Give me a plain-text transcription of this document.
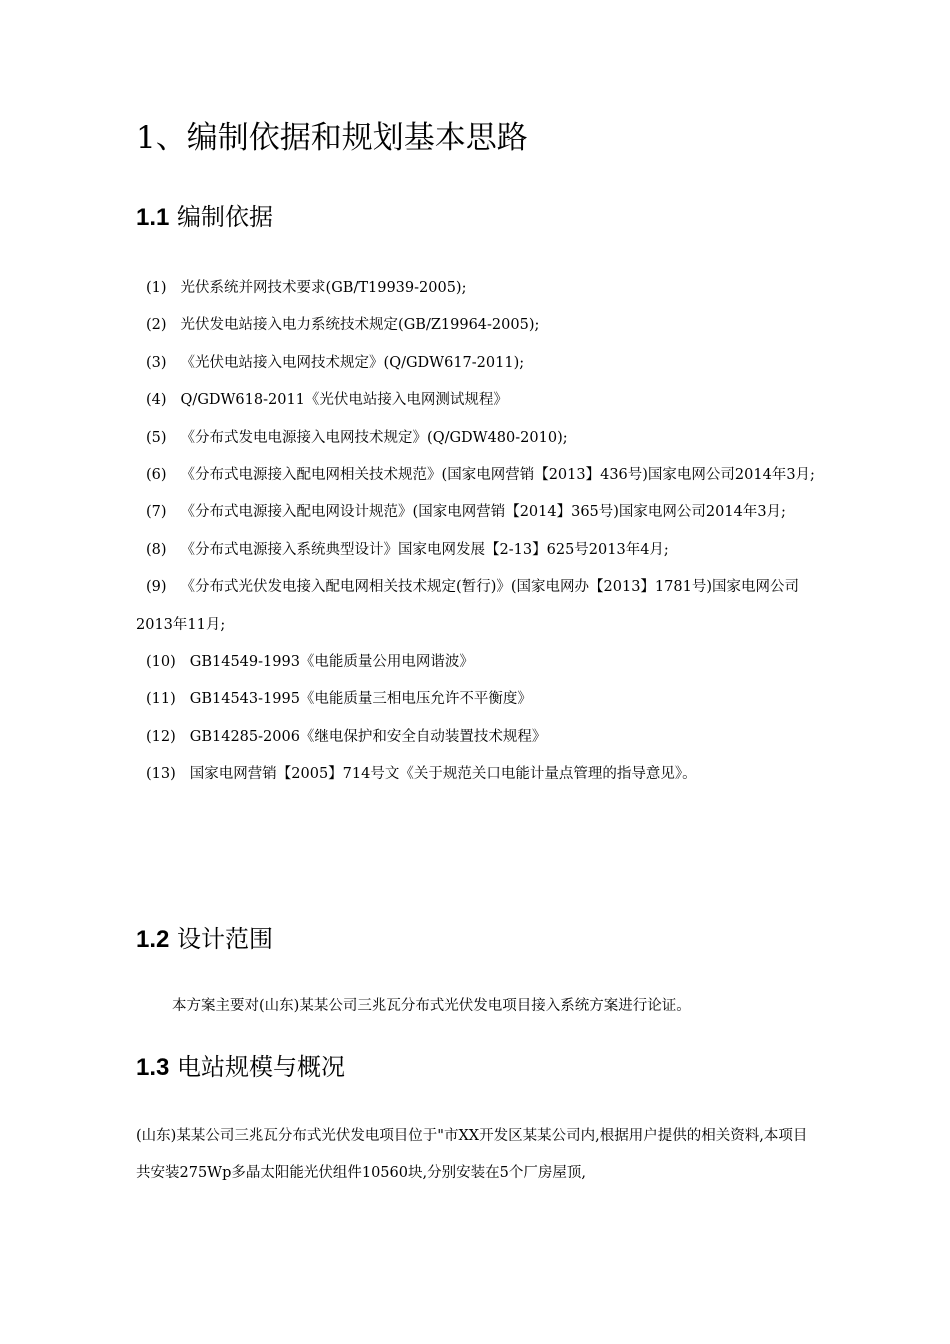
1、编制依据和规划基本思路
1.1 编制依据

(1) 光伏系统并网技术要求(GB/T19939-2005);

(2) 光伏发电站接入电力系统技术规定(GB/Z19964-2005);

(3) 《光伏电站接入电网技术规定》(Q/GDW617-2011);

(4) Q/GDW618-2011《光伏电站接入电网测试规程》

(5) 《分布式发电电源接入电网技术规定》(Q/GDW480-2010);

(6) 《分布式电源接入配电网相关技术规范》(国家电网营销【2013】436号)国家电网公司2014年3月;

(7) 《分布式电源接入配电网设计规范》(国家电网营销【2014】365号)国家电网公司2014年3月;

(8) 《分布式电源接入系统典型设计》国家电网发展【2-13】625号2013年4月;

(9) 《分布式光伏发电接入配电网相关技术规定(暂行)》(国家电网办【2013】1781号)国家电网公司2013年11月;

(10) GB14549-1993《电能质量公用电网谐波》

(11) GB14543-1995《电能质量三相电压允许不平衡度》

(12) GB14285-2006《继电保护和安全自动装置技术规程》

(13) 国家电网营销【2005】714号文《关于规范关口电能计量点管理的指导意见》。

1.2 设计范围

本方案主要对(山东)某某公司三兆瓦分布式光伏发电项目接入系统方案进行论证。

1.3 电站规模与概况

(山东)某某公司三兆瓦分布式光伏发电项目位于"市XX开发区某某公司内,根据用户提供的相关资料,本项目共安装275Wp多晶太阳能光伏组件10560块,分别安装在5个厂房屋顶,
